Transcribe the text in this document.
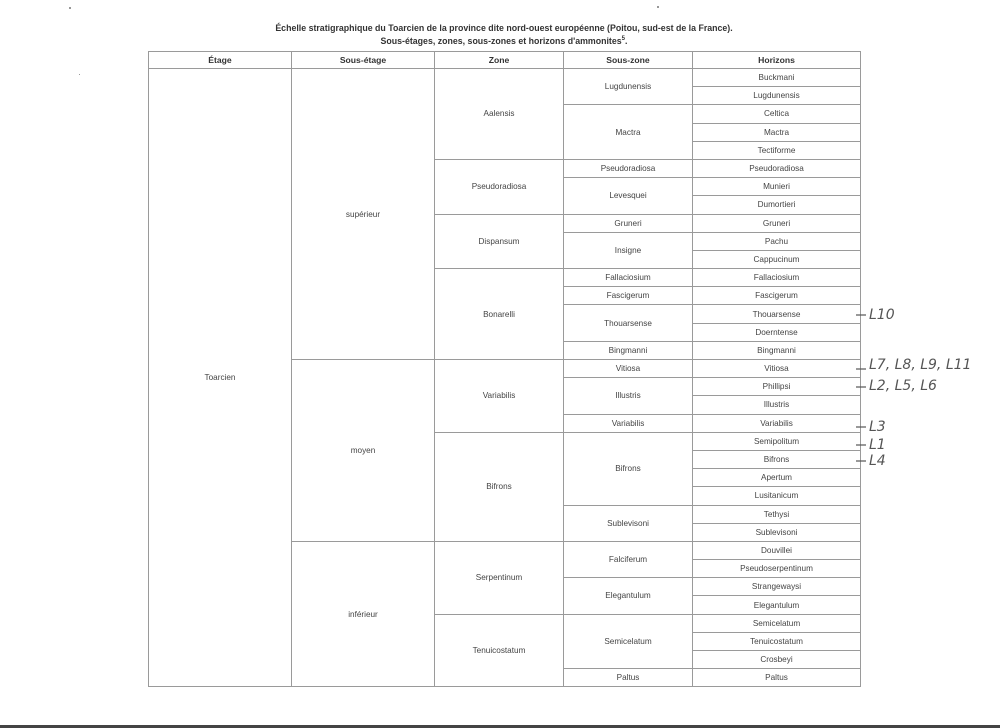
Échelle stratigraphique du Toarcien de la province dite nord-ouest européenne (Poitou, sud-est de la France).
Sous-étages, zones, sous-zones et horizons d'ammonites$^5$.
Étage	Sous-étage	Zone	Sous-zone	Horizons
Toarcien	supérieur	Aalensis	Lugdunensis	Buckmani
				Lugdunensis
			Mactra	Celtica
				Mactra
				Tectiforme
		Pseudoradiosa	Pseudoradiosa	Pseudoradiosa
			Levesquei	Munieri
				Dumortieri
		Dispansum	Gruneri	Gruneri
			Insigne	Pachu
				Cappucinum
		Bonarelli	Fallaciosium	Fallaciosium
			Fascigerum	Fascigerum
			Thouarsense	Thouarsense
				Doerntense
			Bingmanni	Bingmanni
	moyen	Variabilis	Vitiosa	Vitiosa
			Illustris	Phillipsi
				Illustris
			Variabilis	Variabilis
		Bifrons	Bifrons	Semipolitum
				Bifrons
				Apertum
				Lusitanicum
			Sublevisoni	Tethysi
				Sublevisoni
	inférieur	Serpentinum	Falciferum	Douvillei
				Pseudoserpentinum
			Elegantulum	Strangewaysi
				Elegantulum
		Tenuicostatum	Semicelatum	Semicelatum
				Tenuicostatum
				Crosbeyi
			Paltus	Paltus
L10
L7, L8, L9, L11
L2, L5, L6
L3
L1
L4
